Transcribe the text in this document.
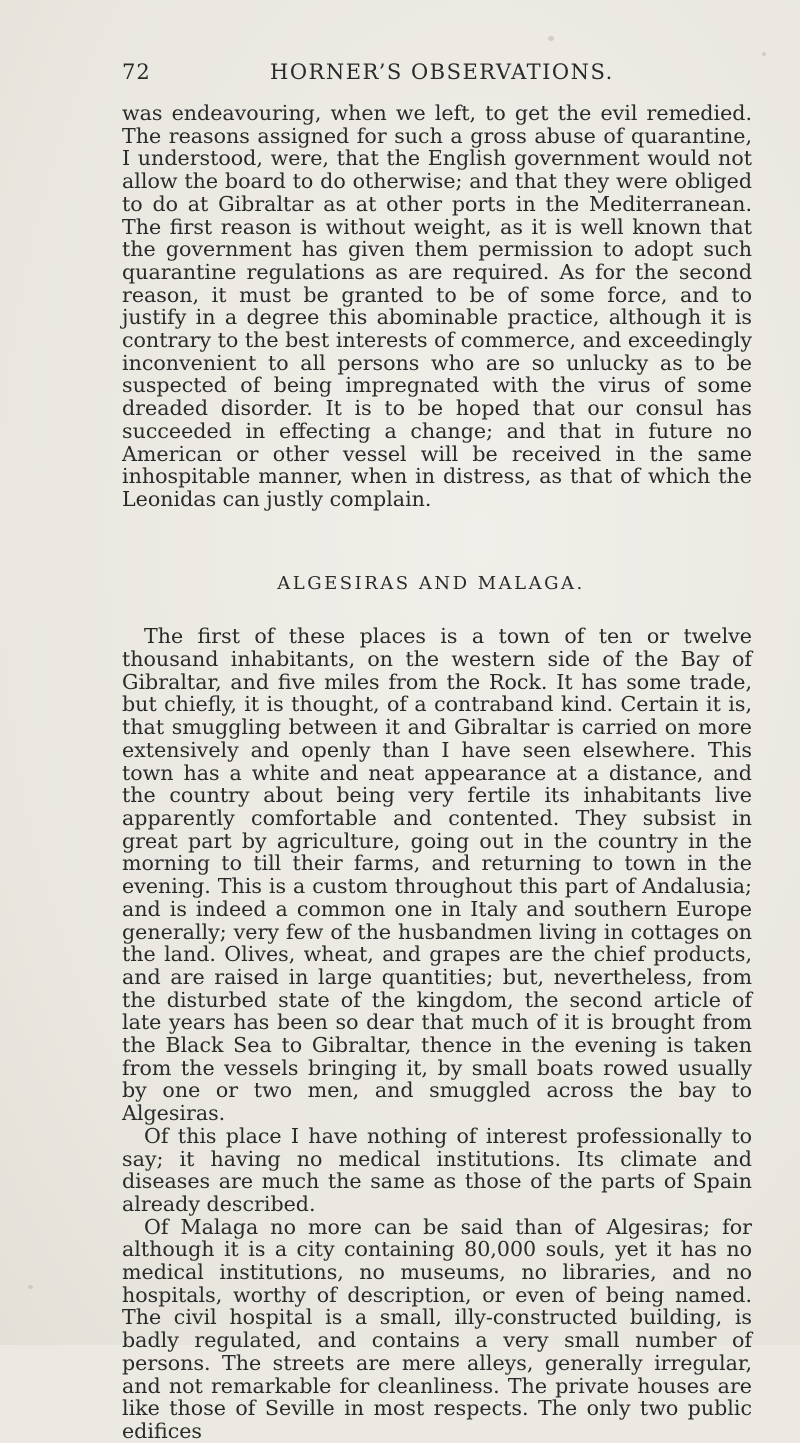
72	HORNER’S OBSERVATIONS.

was endeavouring, when we left, to get the evil remedied. The reasons assigned for such a gross abuse of quarantine, I understood, were, that the English government would not allow the board to do otherwise; and that they were obliged to do at Gibraltar as at other ports in the Mediterranean. The first reason is without weight, as it is well known that the government has given them permission to adopt such quarantine regulations as are required. As for the second reason, it must be granted to be of some force, and to justify in a degree this abominable practice, although it is contrary to the best interests of commerce, and exceedingly inconvenient to all persons who are so unlucky as to be suspected of being impregnated with the virus of some dreaded disorder. It is to be hoped that our consul has succeeded in effecting a change; and that in future no American or other vessel will be received in the same inhospitable manner, when in distress, as that of which the Leonidas can justly complain.

ALGESIRAS AND MALAGA.

The first of these places is a town of ten or twelve thousand inhabitants, on the western side of the Bay of Gibraltar, and five miles from the Rock. It has some trade, but chiefly, it is thought, of a contraband kind. Certain it is, that smuggling between it and Gibraltar is carried on more extensively and openly than I have seen elsewhere. This town has a white and neat appearance at a distance, and the country about being very fertile its inhabitants live apparently comfortable and contented. They subsist in great part by agriculture, going out in the country in the morning to till their farms, and returning to town in the evening. This is a custom throughout this part of Andalusia; and is indeed a common one in Italy and southern Europe generally; very few of the husbandmen living in cottages on the land. Olives, wheat, and grapes are the chief products, and are raised in large quantities; but, nevertheless, from the disturbed state of the kingdom, the second article of late years has been so dear that much of it is brought from the Black Sea to Gibraltar, thence in the evening is taken from the vessels bringing it, by small boats rowed usually by one or two men, and smuggled across the bay to Algesiras.

Of this place I have nothing of interest professionally to say; it having no medical institutions. Its climate and diseases are much the same as those of the parts of Spain already described.

Of Malaga no more can be said than of Algesiras; for although it is a city containing 80,000 souls, yet it has no medical institutions, no museums, no libraries, and no hospitals, worthy of description, or even of being named. The civil hospital is a small, illy-constructed building, is badly regulated, and contains a very small number of persons. The streets are mere alleys, generally irregular, and not remarkable for cleanliness. The private houses are like those of Seville in most respects. The only two public edifices
